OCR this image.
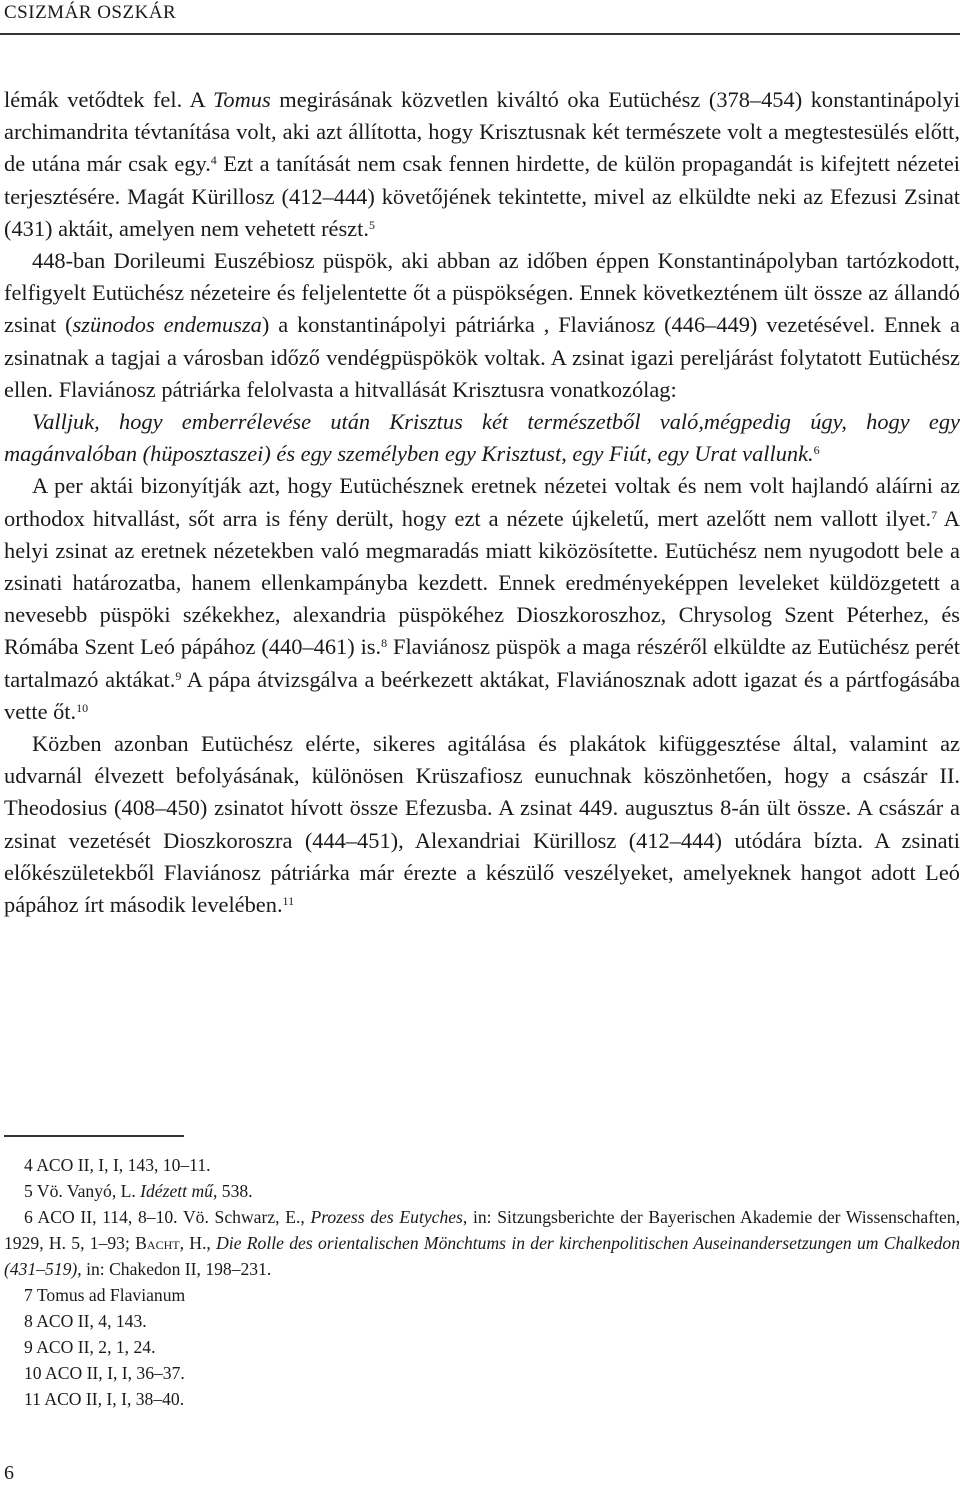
CSIZMÁR OSZKÁR

lémák vetődtek fel. A Tomus megirásának közvetlen kiváltó oka Eutüchész (378–454) konstantinápolyi archimandrita tévtanítása volt, aki azt állította, hogy Krisztusnak két természete volt a megtestesülés előtt, de utána már csak egy.$^4$ Ezt a tanítását nem csak fennen hirdette, de külön propagandát is kifejtett nézetei terjesztésére. Magát Kürillosz (412–444) követőjének tekintette, mivel az elküldte neki az Efezusi Zsinat (431) aktáit, amelyen nem vehetett részt.$^5$

448-ban Dorileumi Euszébiosz püspök, aki abban az időben éppen Konstantinápolyban tartózkodott, felfigyelt Eutüchész nézeteire és feljelentette őt a püspökségen. Ennek következténem ült össze az állandó zsinat (szünodos endemusza) a konstantinápolyi pátriárka , Flaviánosz (446–449) vezetésével. Ennek a zsinatnak a tagjai a városban időző vendégpüspökök voltak. A zsinat igazi pereljárást folytatott Eutüchész ellen. Flaviánosz pátriárka felolvasta a hitvallását Krisztusra vonatkozólag:

Valljuk, hogy emberrélevése után Krisztus két természetből való,mégpedig úgy, hogy egy magánvalóban (hüposztaszei) és egy személyben egy Krisztust, egy Fiút, egy Urat vallunk.$^6$

A per aktái bizonyítják azt, hogy Eutüchésznek eretnek nézetei voltak és nem volt hajlandó aláírni az orthodox hitvallást, sőt arra is fény derült, hogy ezt a nézete újkeletű, mert azelőtt nem vallott ilyet.$^7$ A helyi zsinat az eretnek nézetekben való megmaradás miatt kiközösítette. Eutüchész nem nyugodott bele a zsinati határozatba, hanem ellenkampányba kezdett. Ennek eredményeképpen leveleket küldözgetett a nevesebb püspöki székekhez, alexandria püspökéhez Dioszkoroszhoz, Chrysolog Szent Péterhez, és Rómába Szent Leó pápához (440–461) is.$^8$ Flaviánosz püspök a maga részéről elküldte az Eutüchész perét tartalmazó aktákat.$^9$ A pápa átvizsgálva a beérkezett aktákat, Flaviánosznak adott igazat és a pártfogásába vette őt.$^{10}$

Közben azonban Eutüchész elérte, sikeres agitálása és plakátok kifüggesztése által, valamint az udvarnál élvezett befolyásának, különösen Krüszafiosz eunuchnak köszönhetően, hogy a császár II. Theodosius (408–450) zsinatot hívott össze Efezusba. A zsinat 449. augusztus 8-án ült össze. A császár a zsinat vezetését Dioszkoroszra (444–451), Alexandriai Kürillosz (412–444) utódára bízta. A zsinati előkészületekből Flaviánosz pátriárka már érezte a készülő veszélyeket, amelyeknek hangot adott Leó pápához írt második levelében.$^{11}$

4 ACO II, I, I, 143, 10–11.

5 Vö. Vanyó, L. Idézett mű, 538.

6 ACO II, 114, 8–10. Vö. Schwarz, E., Prozess des Eutyches, in: Sitzungsberichte der Bayerischen Akademie der Wissenschaften, 1929, H. 5, 1–93; Bacht, H., Die Rolle des orientalischen Mönchtums in der kirchenpolitischen Auseinandersetzungen um Chalkedon (431–519), in: Chakedon II, 198–231.

7 Tomus ad Flavianum

8 ACO II, 4, 143.

9 ACO II, 2, 1, 24.

10 ACO II, I, I, 36–37.

11 ACO II, I, I, 38–40.

6
